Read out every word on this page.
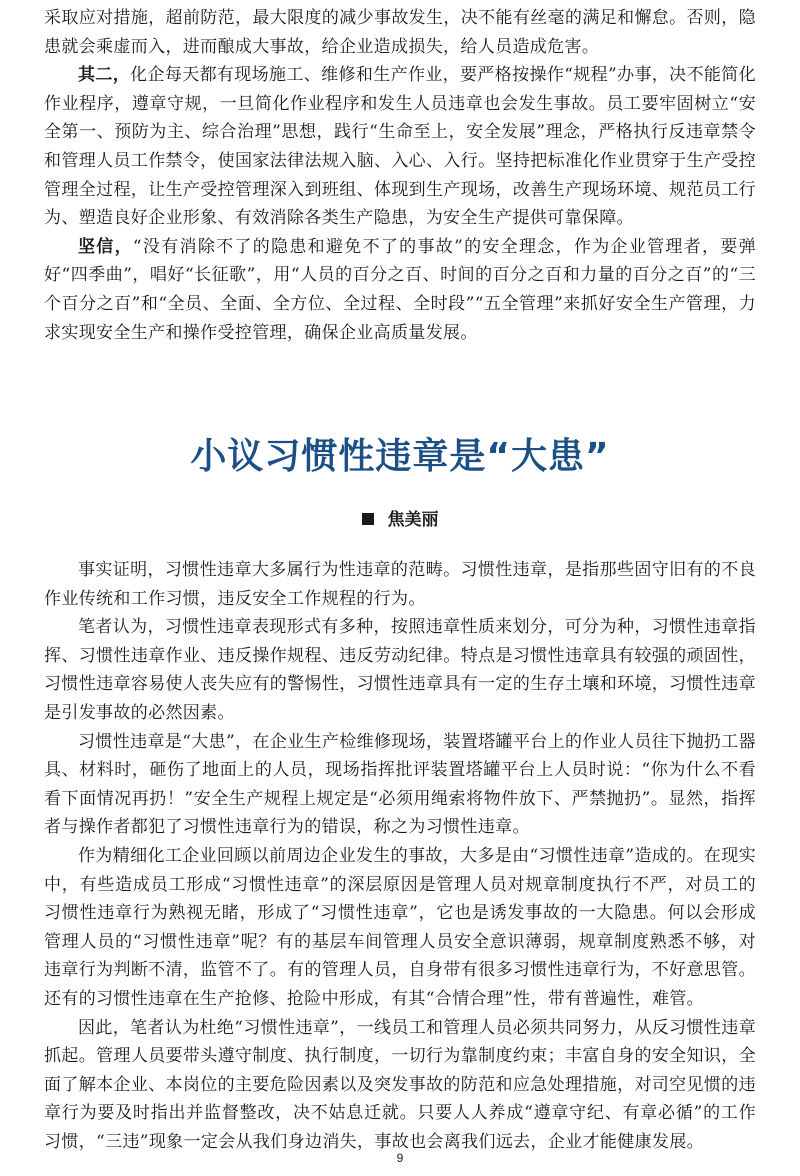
采取应对措施，超前防范，最大限度的减少事故发生，决不能有丝毫的满足和懈怠。否则，隐患就会乘虚而入，进而酿成大事故，给企业造成损失，给人员造成危害。

其二，化企每天都有现场施工、维修和生产作业，要严格按操作“规程”办事，决不能简化作业程序，遵章守规，一旦简化作业程序和发生人员违章也会发生事故。员工要牢固树立“安全第一、预防为主、综合治理”思想，践行“生命至上，安全发展”理念，严格执行反违章禁令和管理人员工作禁令，使国家法律法规入脑、入心、入行。坚持把标准化作业贯穿于生产受控管理全过程，让生产受控管理深入到班组、体现到生产现场，改善生产现场环境、规范员工行为、塑造良好企业形象、有效消除各类生产隐患，为安全生产提供可靠保障。

坚信，“没有消除不了的隐患和避免不了的事故”的安全理念，作为企业管理者，要弹好“四季曲”，唱好“长征歌”，用“人员的百分之百、时间的百分之百和力量的百分之百”的“三个百分之百”和“全员、全面、全方位、全过程、全时段”“五全管理”来抓好安全生产管理，力求实现安全生产和操作受控管理，确保企业高质量发展。

小议习惯性违章是“大患”
焦美丽

事实证明，习惯性违章大多属行为性违章的范畴。习惯性违章，是指那些固守旧有的不良作业传统和工作习惯，违反安全工作规程的行为。

笔者认为，习惯性违章表现形式有多种，按照违章性质来划分，可分为种，习惯性违章指挥、习惯性违章作业、违反操作规程、违反劳动纪律。特点是习惯性违章具有较强的顽固性，习惯性违章容易使人丧失应有的警惕性，习惯性违章具有一定的生存土壤和环境，习惯性违章是引发事故的必然因素。

习惯性违章是“大患”，在企业生产检维修现场，装置塔罐平台上的作业人员往下抛扔工器具、材料时，砸伤了地面上的人员，现场指挥批评装置塔罐平台上人员时说：“你为什么不看看下面情况再扔！”安全生产规程上规定是“必须用绳索将物件放下、严禁抛扔”。显然，指挥者与操作者都犯了习惯性违章行为的错误，称之为习惯性违章。

作为精细化工企业回顾以前周边企业发生的事故，大多是由“习惯性违章”造成的。在现实中，有些造成员工形成“习惯性违章”的深层原因是管理人员对规章制度执行不严，对员工的习惯性违章行为熟视无睹，形成了“习惯性违章”，它也是诱发事故的一大隐患。何以会形成管理人员的“习惯性违章”呢？有的基层车间管理人员安全意识薄弱，规章制度熟悉不够，对违章行为判断不清，监管不了。有的管理人员，自身带有很多习惯性违章行为，不好意思管。还有的习惯性违章在生产抢修、抢险中形成，有其“合情合理”性，带有普遍性，难管。

因此，笔者认为杜绝“习惯性违章”，一线员工和管理人员必须共同努力，从反习惯性违章抓起。管理人员要带头遵守制度、执行制度，一切行为靠制度约束；丰富自身的安全知识，全面了解本企业、本岗位的主要危险因素以及突发事故的防范和应急处理措施，对司空见惯的违章行为要及时指出并监督整改，决不姑息迁就。只要人人养成“遵章守纪、有章必循”的工作习惯，“三违”现象一定会从我们身边消失，事故也会离我们远去，企业才能健康发展。

9
